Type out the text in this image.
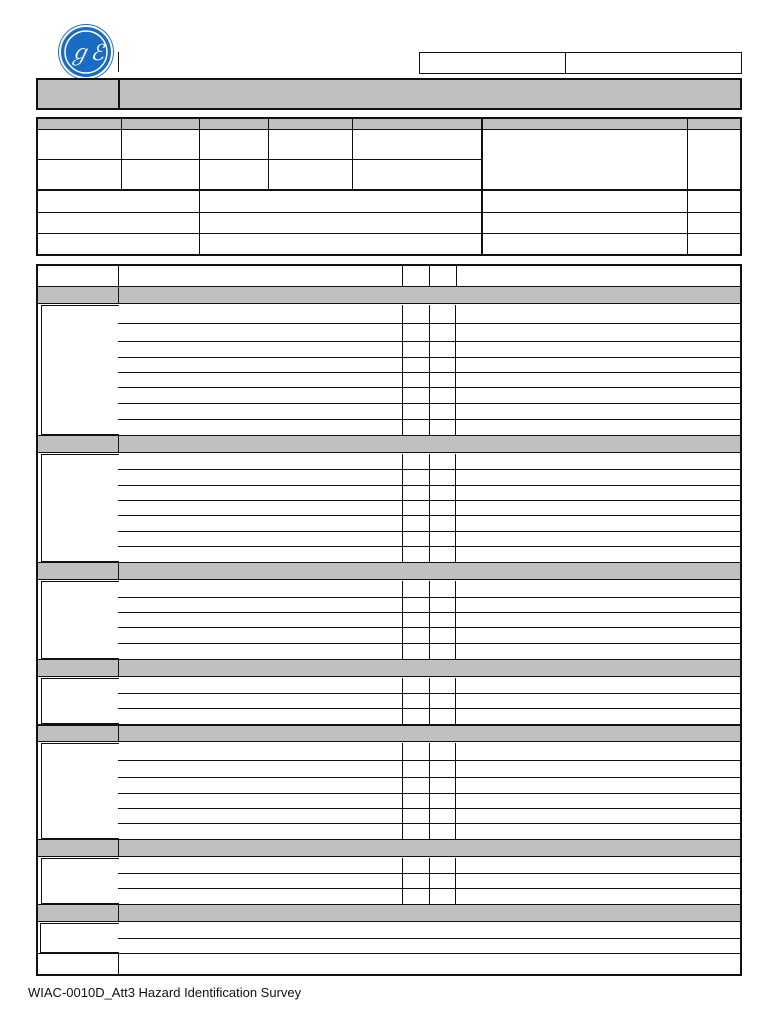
ℊℰ
WIAC-0010D_Att3 Hazard Identification Survey
